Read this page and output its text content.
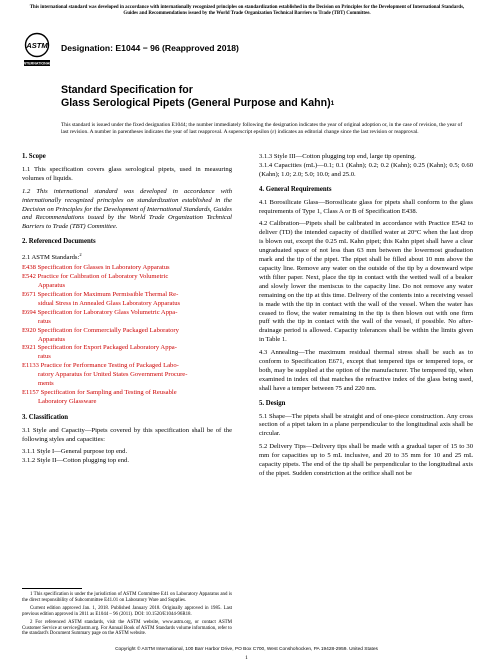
This international standard was developed in accordance with internationally recognized principles on standardization established in the Decision on Principles for the Development of International Standards, Guides and Recommendations issued by the World Trade Organization Technical Barriers to Trade (TBT) Committee.
ASTM
INTERNATIONAL
Designation: E1044 − 96 (Reapproved 2018)
Standard Specification for
Glass Serological Pipets (General Purpose and Kahn)$^1$
This standard is issued under the fixed designation E1044; the number immediately following the designation indicates the year of original adoption or, in the case of revision, the year of last revision. A number in parentheses indicates the year of last reapproval. A superscript epsilon (ε) indicates an editorial change since the last revision or reapproval.
1. Scope

1.1 This specification covers glass serological pipets, used in measuring volumes of liquids.

1.2 This international standard was developed in accordance with internationally recognized principles on standardization established in the Decision on Principles for the Development of International Standards, Guides and Recommendations issued by the World Trade Organization Technical Barriers to Trade (TBT) Committee.

2. Referenced Documents

2.1 ASTM Standards:$^2$

E438 Specification for Glasses in Laboratory Apparatus
E542 Practice for Calibration of Laboratory Volumetric
Apparatus
E671 Specification for Maximum Permissible Thermal Re-
sidual Stress in Annealed Glass Laboratory Apparatus
E694 Specification for Laboratory Glass Volumetric Appa-
ratus
E920 Specification for Commercially Packaged Laboratory
Apparatus
E921 Specification for Export Packaged Laboratory Appa-
ratus
E1133 Practice for Performance Testing of Packaged Labo-
ratory Apparatus for United States Government Procure-
ments
E1157 Specification for Sampling and Testing of Reusable
Laboratory Glassware
3. Classification

3.1 Style and Capacity—Pipets covered by this specification shall be of the following styles and capacities:

3.1.1 Style I—General purpose top end.

3.1.2 Style II—Cotton plugging top end.

3.1.3 Style III—Cotton plugging top end, large tip opening.

3.1.4 Capacities (mL)—0.1; 0.1 (Kahn); 0.2; 0.2 (Kahn); 0.25 (Kahn); 0.5; 0.60 (Kahn); 1.0; 2.0; 5.0; 10.0; and 25.0.

4. General Requirements

4.1 Borosilicate Glass—Borosilicate glass for pipets shall conform to the glass requirements of Type 1, Class A or B of Specification E438.

4.2 Calibration—Pipets shall be calibrated in accordance with Practice E542 to deliver (TD) the intended capacity of distilled water at 20°C when the last drop is blown out, except the 0.25 mL Kahn pipet; this Kahn pipet shall have a clear ungraduated space of not less than 63 mm between the lowermost graduation mark and the tip of the pipet. The pipet shall be filled about 10 mm above the capacity line. Remove any water on the outside of the tip by a downward wipe with filter paper. Next, place the tip in contact with the wetted wall of a beaker and slowly lower the meniscus to the capacity line. Do not remove any water remaining on the tip at this time. Delivery of the contents into a receiving vessel is made with the tip in contact with the wall of the vessel. When the water has ceased to flow, the water remaining in the tip is then blown out with one firm puff with the tip in contact with the wall of the vessel, if possible. No after-drainage period is allowed. Capacity tolerances shall be within the limits given in Table 1.

4.3 Annealing—The maximum residual thermal stress shall be such as to conform to Specification E671, except that tempered tips or tempered tops, or both, may be supplied at the option of the manufacturer. The tempered tip, when examined in index oil that matches the refractive index of the glass being used, shall have a temper between 75 and 220 nm.

5. Design

5.1 Shape—The pipets shall be straight and of one-piece construction. Any cross section of a pipet taken in a plane perpendicular to the longitudinal axis shall be circular.

5.2 Delivery Tips—Delivery tips shall be made with a gradual taper of 15 to 30 mm for capacities up to 5 mL inclusive, and 20 to 35 mm for 10 and 25 mL capacity pipets. The end of the tip shall be perpendicular to the longitudinal axis of the pipet. Sudden constriction at the orifice shall not be

1 This specification is under the jurisdiction of ASTM Committee E41 on Laboratory Apparatus and is the direct responsibility of Subcommittee E41.01 on Laboratory Ware and Supplies.

Current edition approved Jan. 1, 2018. Published January 2018. Originally approved in 1985. Last previous edition approved in 2011 as E1044 – 96 (2011). DOI: 10.1520/E1044-96R18.

2 For referenced ASTM standards, visit the ASTM website, www.astm.org, or contact ASTM Customer Service at service@astm.org. For Annual Book of ASTM Standards volume information, refer to the standard's Document Summary page on the ASTM website.

Copyright © ASTM International, 100 Barr Harbor Drive, PO Box C700, West Conshohocken, PA 19428-2959. United States
1
